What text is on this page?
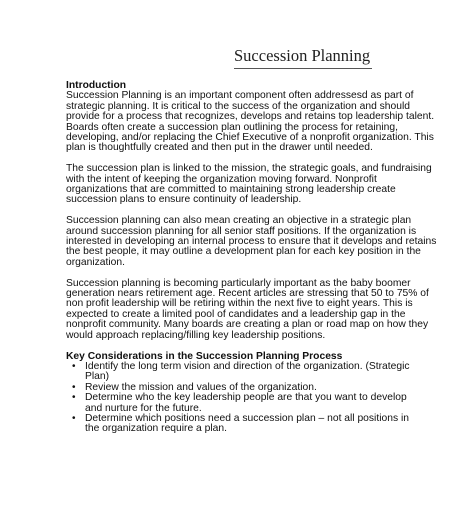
Succession Planning

Introduction
Succession Planning is an important component often addressesd as part of
strategic planning. It is critical to the success of the organization and should
provide for a process that recognizes, develops and retains top leadership talent.
Boards often create a succession plan outlining the process for retaining,
developing, and/or replacing the Chief Executive of a nonprofit organization. This
plan is thoughtfully created and then put in the drawer until needed.
The succession plan is linked to the mission, the strategic goals, and fundraising
with the intent of keeping the organization moving forward. Nonprofit
organizations that are committed to maintaining strong leadership create
succession plans to ensure continuity of leadership.
Succession planning can also mean creating an objective in a strategic plan
around succession planning for all senior staff positions. If the organization is
interested in developing an internal process to ensure that it develops and retains
the best people, it may outline a development plan for each key position in the
organization.
Succession planning is becoming particularly important as the baby boomer
generation nears retirement age. Recent articles are stressing that 50 to 75% of
non profit leadership will be retiring within the next five to eight years. This is
expected to create a limited pool of candidates and a leadership gap in the
nonprofit community. Many boards are creating a plan or road map on how they
would approach replacing/filling key leadership positions.
Key Considerations in the Succession Planning Process
• Identify the long term vision and direction of the organization. (Strategic
Plan)
• Review the mission and values of the organization.
• Determine who the key leadership people are that you want to develop
and nurture for the future.
• Determine which positions need a succession plan – not all positions in
the organization require a plan.
